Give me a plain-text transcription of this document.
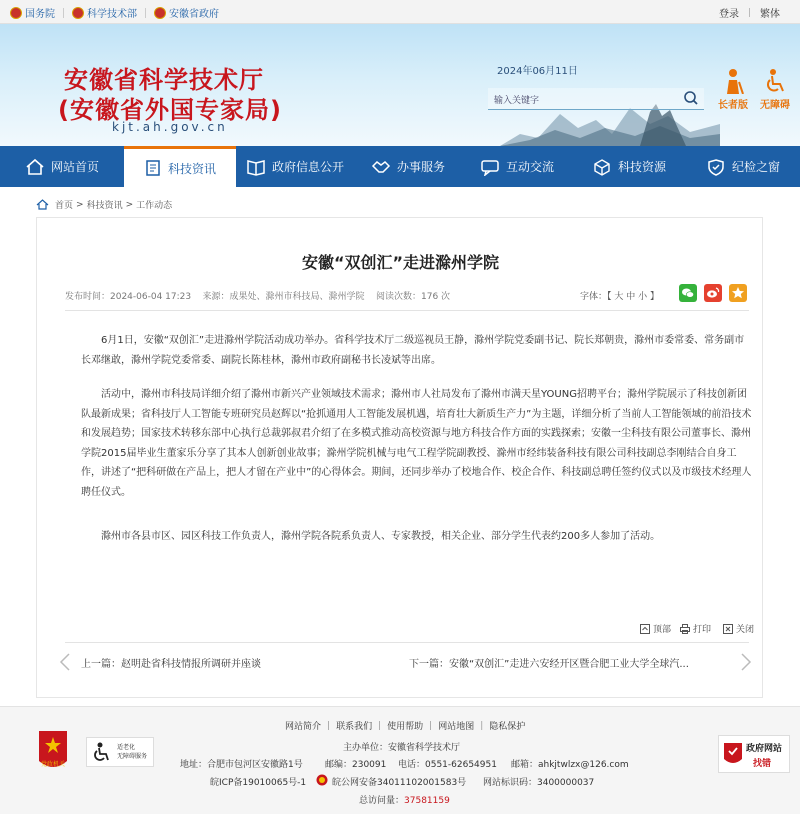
国务院	科学技术部	安徽省政府	登录 繁体
安徽省科学技术厅
(安徽省外国专家局)
kjt.ah.gov.cn
2024年06月11日
输入关键字	长者版 无障碍
网站首页	科技资讯	政府信息公开	办事服务	互动交流	科技资源	纪检之窗
首页 > 科技资讯 > 工作动态
安徽“双创汇”走进滁州学院
发布时间：2024-06-04 17:23    来源：成果处、滁州市科技局、滁州学院    阅读次数：176 次	字体：【 大 中 小 】

6月1日，安徽“双创汇”走进滁州学院活动成功举办。省科学技术厅二级巡视员王静，滁州学院党委副书记、院长郑朝贵，滁州市委常委、常务副市长邓继敢，滁州学院党委常委、副院长陈桂林，滁州市政府副秘书长凌斌等出席。

活动中，滁州市科技局详细介绍了滁州市新兴产业领域技术需求；滁州市人社局发布了滁州市满天星YOUNG招聘平台；滁州学院展示了科技创新团队最新成果；省科技厅人工智能专班研究员赵辉以“抢抓通用人工智能发展机遇，培育壮大新质生产力”为主题，详细分析了当前人工智能领域的前沿技术和发展趋势；国家技术转移东部中心执行总裁郭叔君介绍了在多模式推动高校资源与地方科技合作方面的实践探索；安徽一尘科技有限公司董事长、滁州学院2015届毕业生董家乐分享了其本人创新创业故事；滁州学院机械与电气工程学院副教授、滁州市经纬装备科技有限公司科技副总李刚结合自身工作，讲述了“把科研做在产品上，把人才留在产业中”的心得体会。期间，还同步举办了校地合作、校企合作、科技副总聘任签约仪式以及市级技术经理人聘任仪式。

滁州市各县市区、园区科技工作负责人，滁州学院各院系负责人、专家教授，相关企业、部分学生代表约200多人参加了活动。

顶部 打印	关闭
上一篇：赵明赴省科技情报所调研并座谈	下一篇：安徽“双创汇”走进六安经开区暨合肥工业大学全球汽...
党政机关
适老化
无障碍服务
网站简介 | 联系我们 | 使用帮助 | 网站地图 | 隐私保护
主办单位：安徽省科学技术厅
地址：合肥市包河区安徽路1号 邮编：230091 电话：0551-62654951 邮箱：ahkjtwlzx@126.com
皖ICP备19010065号-1	皖公网安备34011102001583号 网站标识码：3400000037
总访问量：37581159
政府网站
找错
